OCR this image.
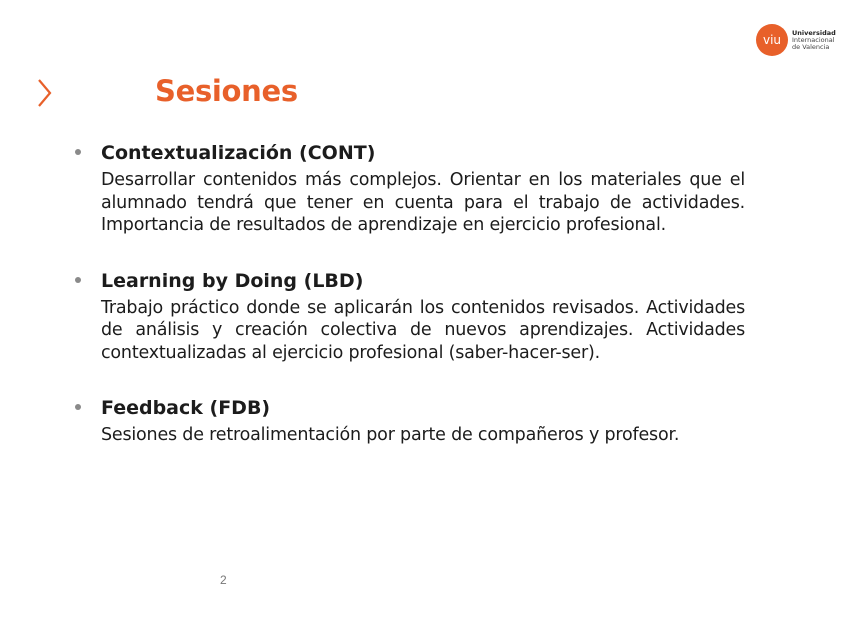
Sesiones
viu
Universidad
Internacional
de Valencia
Contextualización (CONT)
Desarrollar contenidos más complejos. Orientar en los materiales que el alumnado tendrá que tener en cuenta para el trabajo de actividades. Importancia de resultados de aprendizaje en ejercicio profesional.
Learning by Doing (LBD)
Trabajo práctico donde se aplicarán los contenidos revisados. Actividades de análisis y creación colectiva de nuevos aprendizajes. Actividades contextualizadas al ejercicio profesional (saber-hacer-ser).
Feedback (FDB)
Sesiones de retroalimentación por parte de compañeros y profesor.
2
